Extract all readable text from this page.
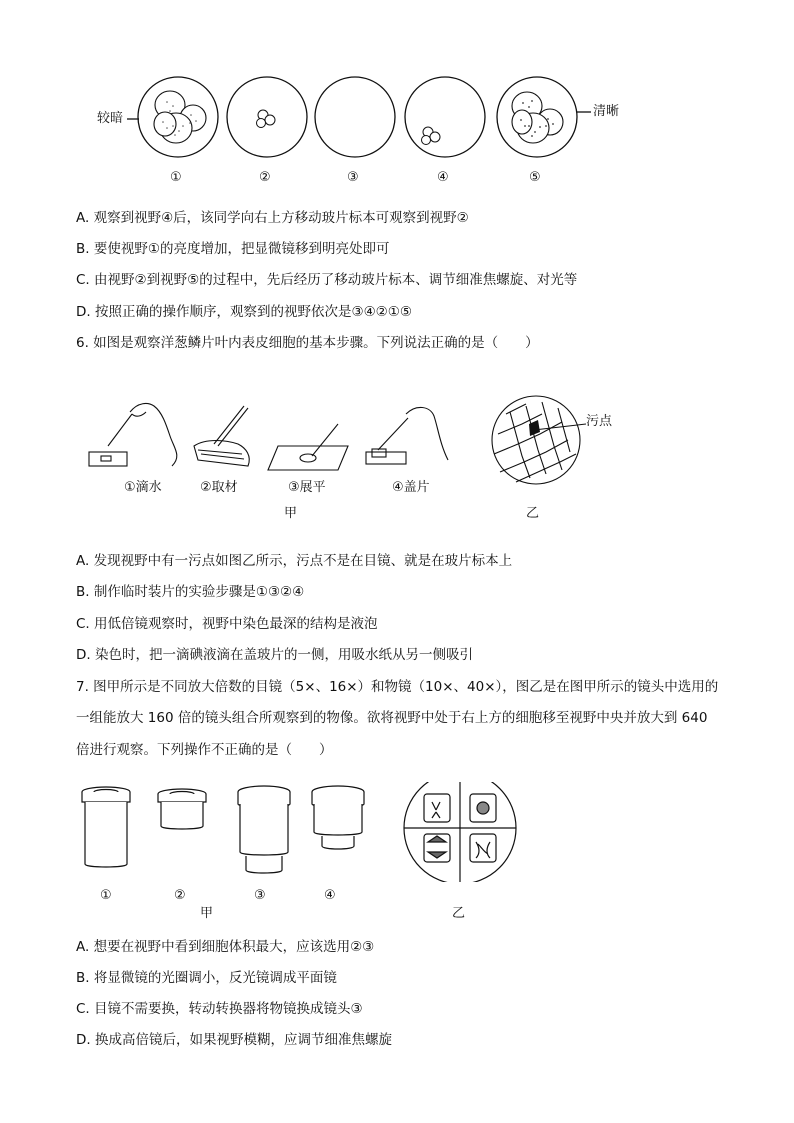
较暗	清晰
①	②	③	④	⑤
A. 观察到视野④后，该同学向右上方移动玻片标本可观察到视野②
B. 要使视野①的亮度增加，把显微镜移到明亮处即可
C. 由视野②到视野⑤的过程中，先后经历了移动玻片标本、调节细准焦螺旋、对光等
D. 按照正确的操作顺序，观察到的视野依次是③④②①⑤
6. 如图是观察洋葱鳞片叶内表皮细胞的基本步骤。下列说法正确的是（　　）
①滴水	②取材	③展平	④盖片
甲	乙
污点
A. 发现视野中有一污点如图乙所示，污点不是在目镜、就是在玻片标本上
B. 制作临时装片的实验步骤是①③②④
C. 用低倍镜观察时，视野中染色最深的结构是液泡
D. 染色时，把一滴碘液滴在盖玻片的一侧，用吸水纸从另一侧吸引
7. 图甲所示是不同放大倍数的目镜（5×、16×）和物镜（10×、40×），图乙是在图甲所示的镜头中选用的
一组能放大 160 倍的镜头组合所观察到的物像。欲将视野中处于右上方的细胞移至视野中央并放大到 640
倍进行观察。下列操作不正确的是（　　）
①	②	③	④
甲	乙
A. 想要在视野中看到细胞体积最大，应该选用②③
B. 将显微镜的光圈调小，反光镜调成平面镜
C. 目镜不需要换，转动转换器将物镜换成镜头③
D. 换成高倍镜后，如果视野模糊，应调节细准焦螺旋
